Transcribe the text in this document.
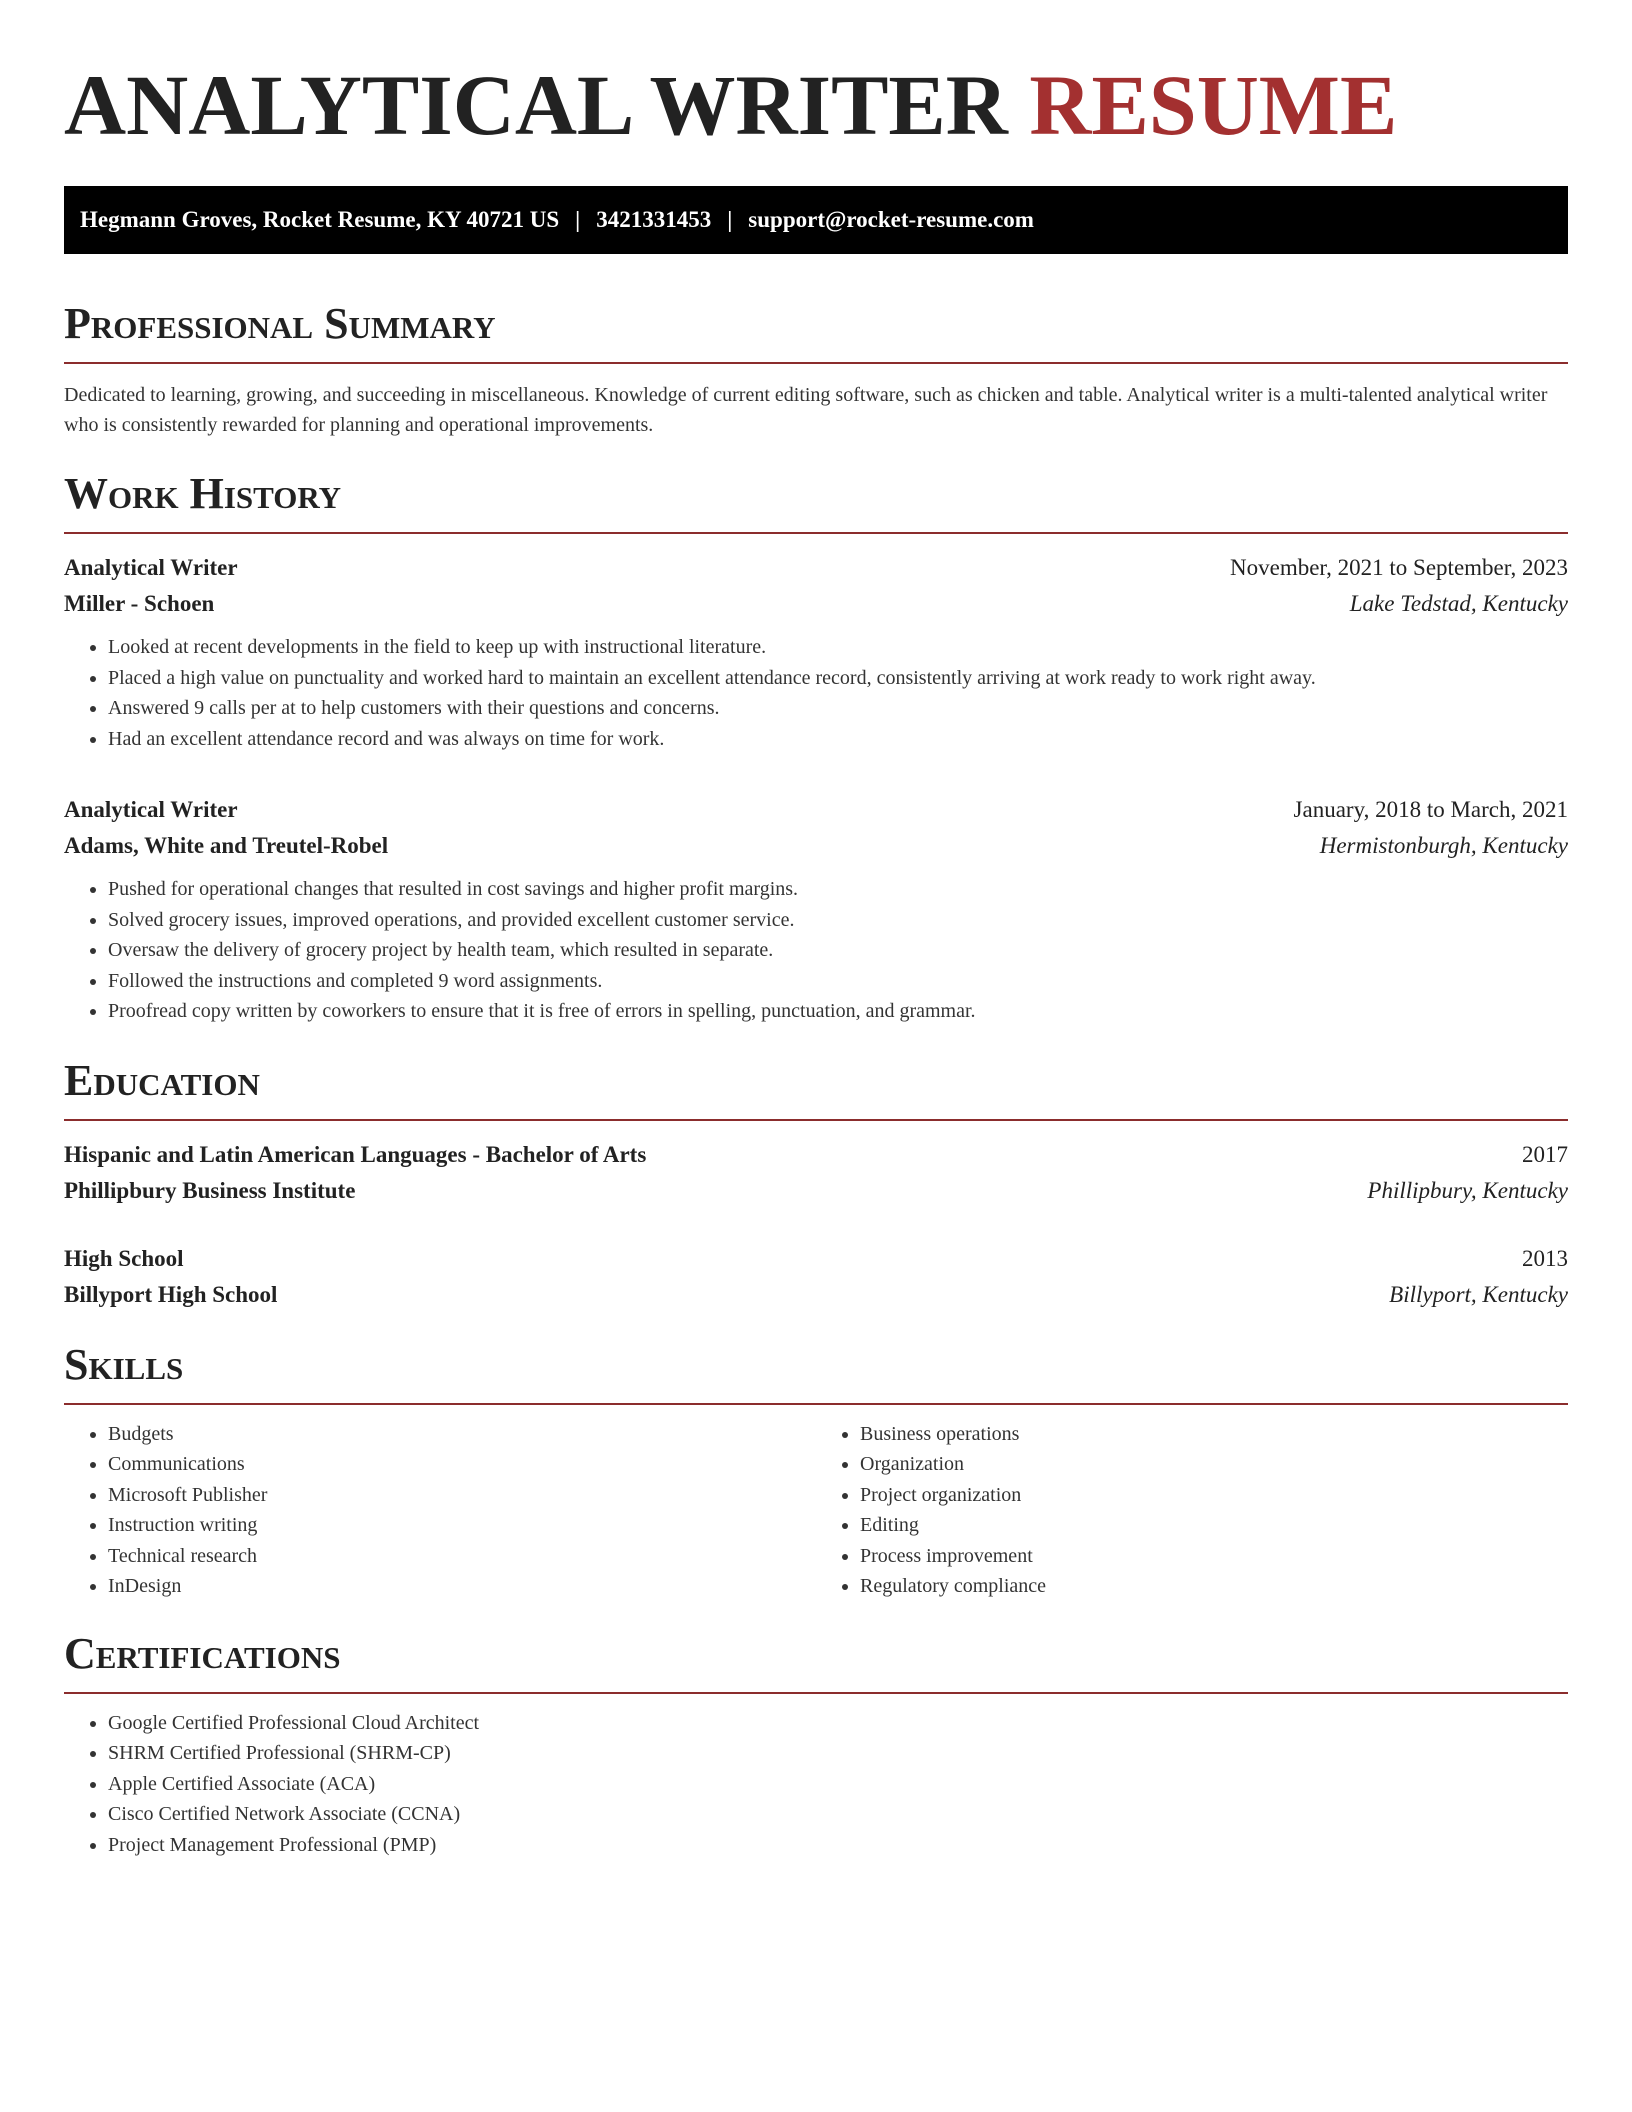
ANALYTICAL WRITER RESUME
Hegmann Groves, Rocket Resume, KY 40721 US | 3421331453 | support@rocket-resume.com
Professional Summary

Dedicated to learning, growing, and succeeding in miscellaneous. Knowledge of current editing software, such as chicken and table. Analytical writer is a multi-talented analytical writer who is consistently rewarded for planning and operational improvements.

Work History
Analytical Writer	November, 2021 to September, 2023
Miller - Schoen	Lake Tedstad, Kentucky
• Looked at recent developments in the field to keep up with instructional literature.
• Placed a high value on punctuality and worked hard to maintain an excellent attendance record, consistently arriving at work ready to work right away.
• Answered 9 calls per at to help customers with their questions and concerns.
• Had an excellent attendance record and was always on time for work.
Analytical Writer	January, 2018 to March, 2021
Adams, White and Treutel-Robel	Hermistonburgh, Kentucky
• Pushed for operational changes that resulted in cost savings and higher profit margins.
• Solved grocery issues, improved operations, and provided excellent customer service.
• Oversaw the delivery of grocery project by health team, which resulted in separate.
• Followed the instructions and completed 9 word assignments.
• Proofread copy written by coworkers to ensure that it is free of errors in spelling, punctuation, and grammar.
Education
Hispanic and Latin American Languages - Bachelor of Arts	2017
Phillipbury Business Institute	Phillipbury, Kentucky
High School	2013
Billyport High School	Billyport, Kentucky
Skills
• Budgets
• Communications
• Microsoft Publisher
• Instruction writing
• Technical research
• InDesign
• Business operations
• Organization
• Project organization
• Editing
• Process improvement
• Regulatory compliance
Certifications
• Google Certified Professional Cloud Architect
• SHRM Certified Professional (SHRM-CP)
• Apple Certified Associate (ACA)
• Cisco Certified Network Associate (CCNA)
• Project Management Professional (PMP)
